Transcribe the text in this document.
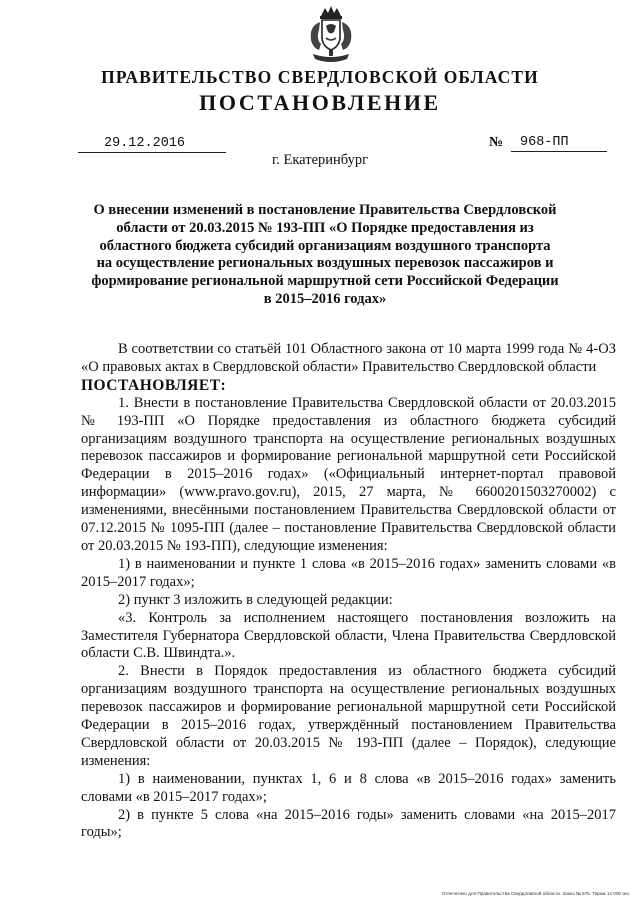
ПРАВИТЕЛЬСТВО СВЕРДЛОВСКОЙ ОБЛАСТИ
ПОСТАНОВЛЕНИЕ
29.12.2016	№	968-ПП
г. Екатеринбург

О внесении изменений в постановление Правительства Свердловской области от 20.03.2015 № 193-ПП «О Порядке предоставления из областного бюджета субсидий организациям воздушного транспорта на осуществление региональных воздушных перевозок пассажиров и формирование региональной маршрутной сети Российской Федерации в 2015–2016 годах»

В соответствии со статьёй 101 Областного закона от 10 марта 1999 года № 4-ОЗ «О правовых актах в Свердловской области» Правительство Свердловской области

ПОСТАНОВЛЯЕТ:

1. Внести в постановление Правительства Свердловской области от 20.03.2015 № 193-ПП «О Порядке предоставления из областного бюджета субсидий организациям воздушного транспорта на осуществление региональных воздушных перевозок пассажиров и формирование региональной маршрутной сети Российской Федерации в 2015–2016 годах» («Официальный интернет-портал правовой информации» (www.pravo.gov.ru), 2015, 27 марта, № 6600201503270002) с изменениями, внесёнными постановлением Правительства Свердловской области от 07.12.2015 № 1095-ПП (далее – постановление Правительства Свердловской области от 20.03.2015 № 193-ПП), следующие изменения:

1) в наименовании и пункте 1 слова «в 2015–2016 годах» заменить словами «в 2015–2017 годах»;

2) пункт 3 изложить в следующей редакции:

«3. Контроль за исполнением настоящего постановления возложить на Заместителя Губернатора Свердловской области, Члена Правительства Свердловской области С.В. Швиндта.».

2. Внести в Порядок предоставления из областного бюджета субсидий организациям воздушного транспорта на осуществление региональных воздушных перевозок пассажиров и формирование региональной маршрутной сети Российской Федерации в 2015–2016 годах, утверждённый постановлением Правительства Свердловской области от 20.03.2015 № 193-ПП (далее – Порядок), следующие изменения:

1) в наименовании, пунктах 1, 6 и 8 слова «в 2015–2016 годах» заменить словами «в 2015–2017 годах»;

2) в пункте 5 слова «на 2015–2016 годы» заменить словами «на 2015–2017 годы»;

Отпечатано для Правительства Свердловской области. Заказ № 575. Тираж 14 000 экз.
